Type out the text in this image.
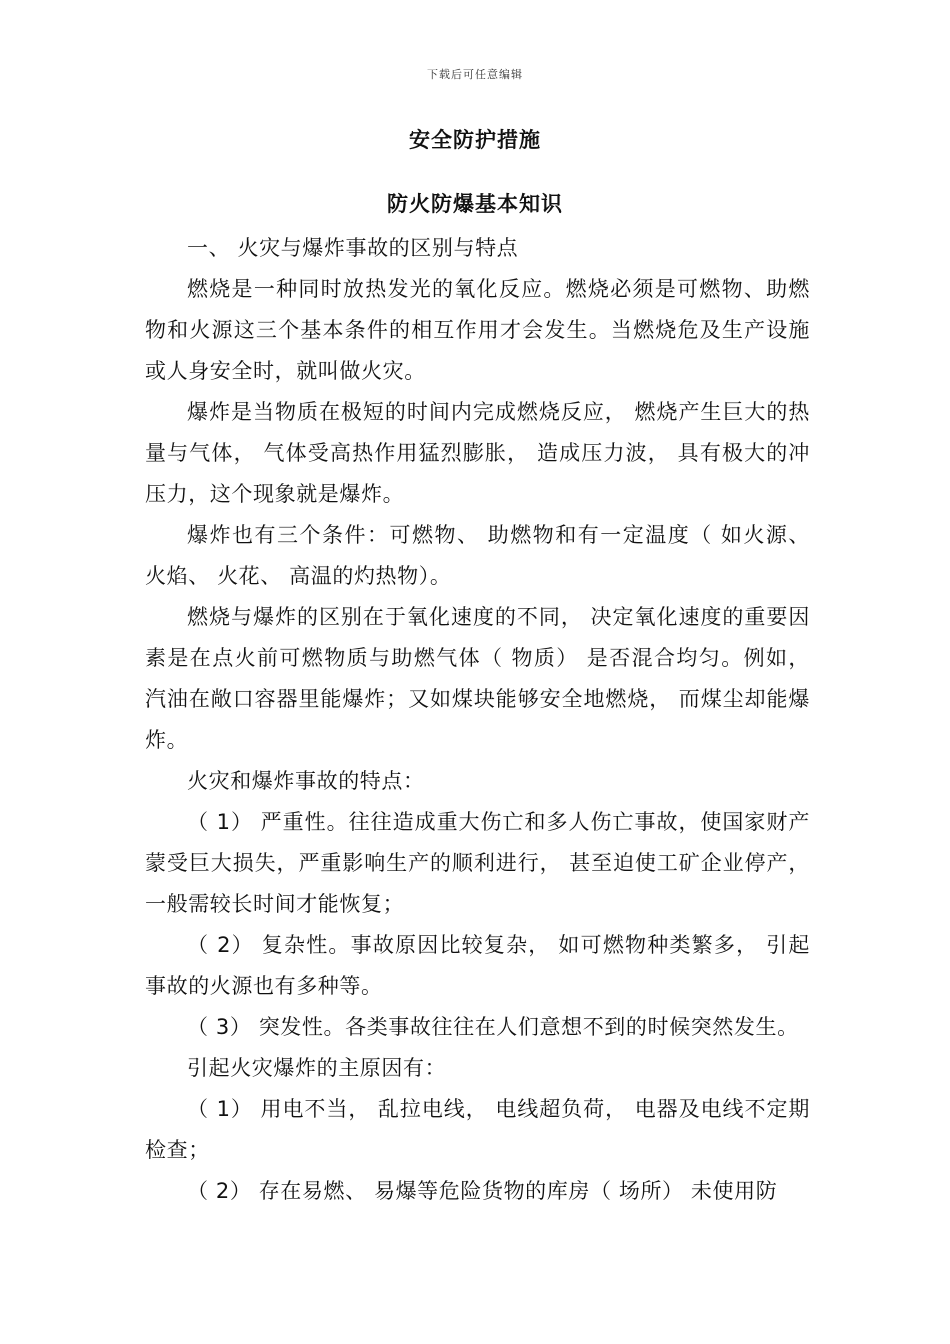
下载后可任意编辑
安全防护措施
防火防爆基本知识

一、 火灾与爆炸事故的区别与特点

燃烧是一种同时放热发光的氧化反应。燃烧必须是可燃物、助燃物和火源这三个基本条件的相互作用才会发生。当燃烧危及生产设施或人身安全时，就叫做火灾。

爆炸是当物质在极短的时间内完成燃烧反应， 燃烧产生巨大的热量与气体， 气体受高热作用猛烈膨胀， 造成压力波， 具有极大的冲压力，这个现象就是爆炸。

爆炸也有三个条件：可燃物、 助燃物和有一定温度（ 如火源、 火焰、 火花、 高温的灼热物）。

燃烧与爆炸的区别在于氧化速度的不同， 决定氧化速度的重要因素是在点火前可燃物质与助燃气体（ 物质） 是否混合均匀。例如， 汽油在敞口容器里能爆炸；又如煤块能够安全地燃烧， 而煤尘却能爆炸。

火灾和爆炸事故的特点：

（ 1） 严重性。往往造成重大伤亡和多人伤亡事故，使国家财产蒙受巨大损失，严重影响生产的顺利进行， 甚至迫使工矿企业停产，一般需较长时间才能恢复；

（ 2） 复杂性。事故原因比较复杂， 如可燃物种类繁多， 引起事故的火源也有多种等。

（ 3） 突发性。各类事故往往在人们意想不到的时候突然发生。

引起火灾爆炸的主原因有：

（ 1） 用电不当， 乱拉电线， 电线超负荷， 电器及电线不定期检查；

（ 2） 存在易燃、 易爆等危险货物的库房（ 场所） 未使用防
